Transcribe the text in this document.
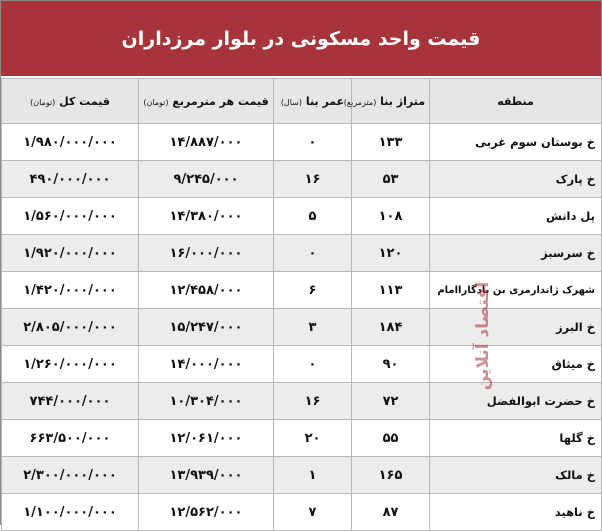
قیمت واحد مسکونی در بلوار مرزداران
منطقه	متراژ بنا (مترمربع)	عمر بنا (سال)	قیمت هر مترمربع (تومان)	قیمت کل (تومان)
خ بوستان سوم غربی	۱۳۳	۰	۱۴/۸۸۷/۰۰۰	۱/۹۸۰/۰۰۰/۰۰۰
خ پارک	۵۳	۱۶	۹/۲۴۵/۰۰۰	۴۹۰/۰۰۰/۰۰۰
پل دانش	۱۰۸	۵	۱۴/۳۸۰/۰۰۰	۱/۵۶۰/۰۰۰/۰۰۰
خ سرسبز	۱۲۰	۰	۱۶/۰۰۰/۰۰۰	۱/۹۲۰/۰۰۰/۰۰۰
شهرک ژاندارمری بن بادگاراامام	۱۱۳	۶	۱۲/۴۵۸/۰۰۰	۱/۴۲۰/۰۰۰/۰۰۰
خ البرز	۱۸۴	۳	۱۵/۲۴۷/۰۰۰	۲/۸۰۵/۰۰۰/۰۰۰
خ میثاق	۹۰	۰	۱۴/۰۰۰/۰۰۰	۱/۲۶۰/۰۰۰/۰۰۰
خ حضرت ابوالفضل	۷۲	۱۶	۱۰/۳۰۴/۰۰۰	۷۴۴/۰۰۰/۰۰۰
خ گلها	۵۵	۲۰	۱۲/۰۶۱/۰۰۰	۶۶۳/۵۰۰/۰۰۰
خ مالک	۱۶۵	۱	۱۳/۹۳۹/۰۰۰	۲/۳۰۰/۰۰۰/۰۰۰
خ ناهید	۸۷	۷	۱۲/۵۶۲/۰۰۰	۱/۱۰۰/۰۰۰/۰۰۰
اقتصاد آنلاین
